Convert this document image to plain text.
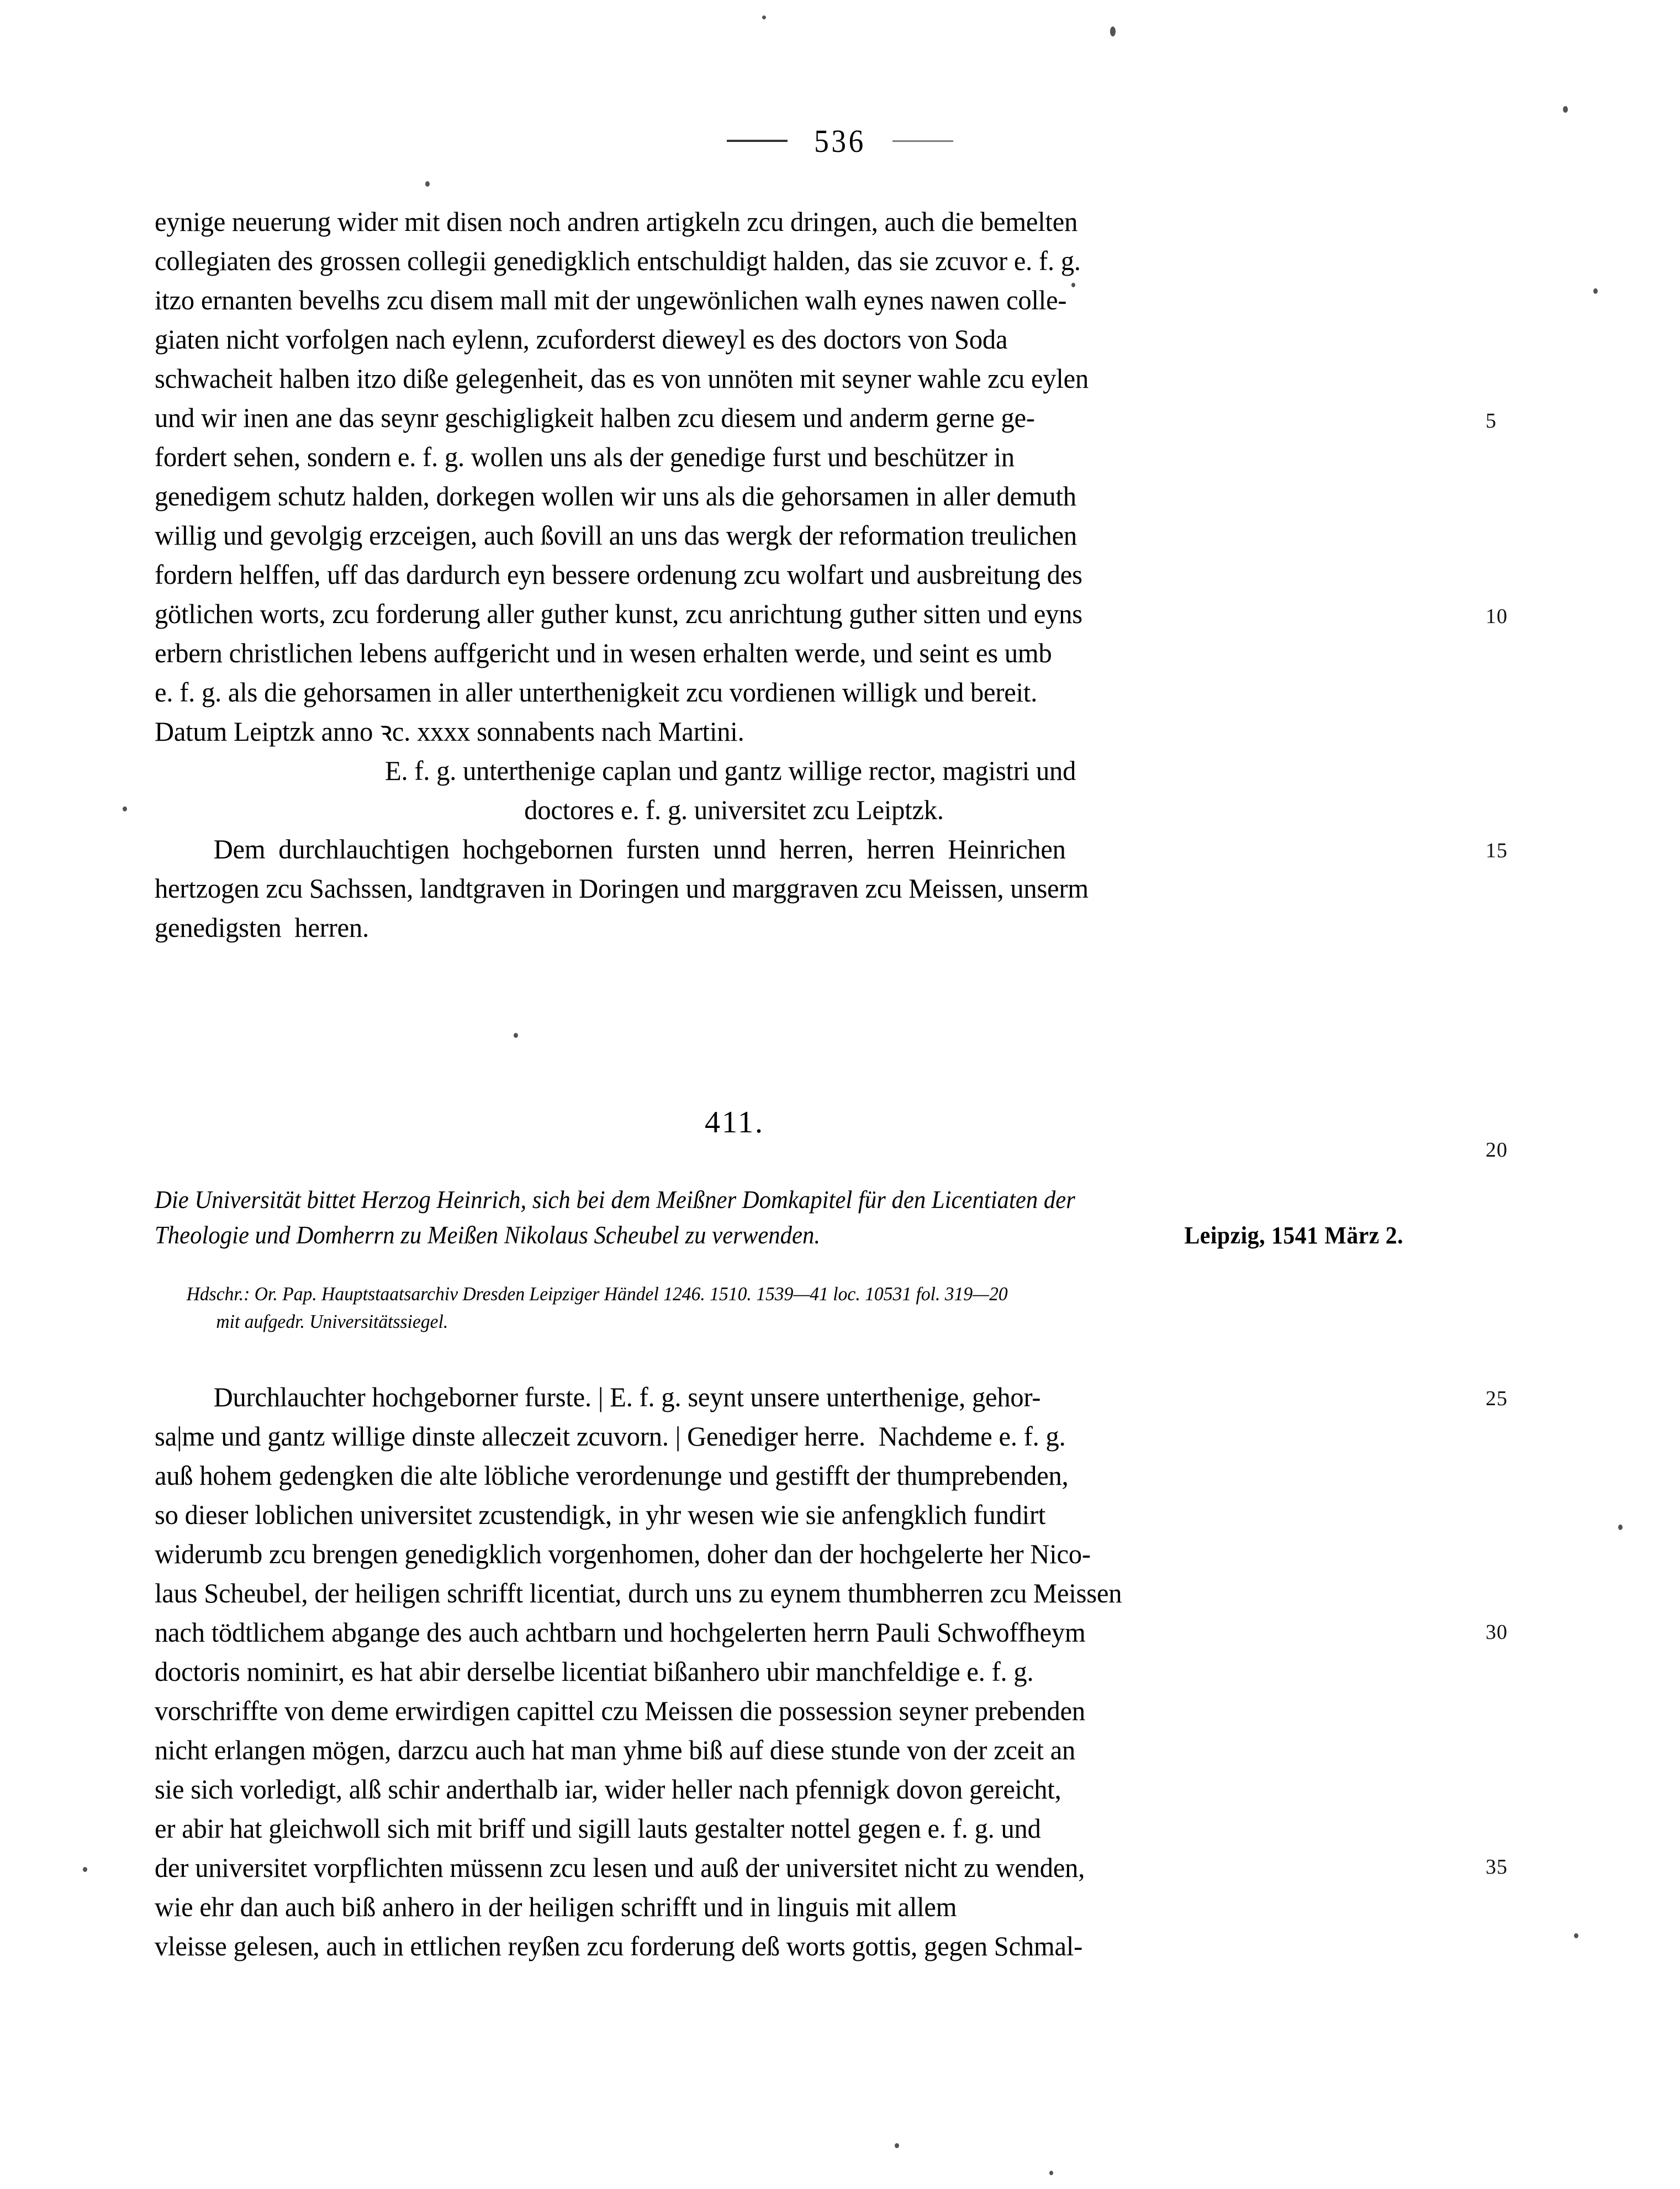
536
eynige neuerung wider mit disen noch andren artigkeln zcu dringen, auch die bemelten
collegiaten des grossen collegii genedigklich entschuldigt halden, das sie zcuvor e. f. g.
itzo ernanten bevelhs zcu disem mall mit der ungewönlichen walh eynes nawen colle-
giaten nicht vorfolgen nach eylenn, zcuforderst dieweyl es des doctors von Soda
schwacheit halben itzo diße gelegenheit, das es von unnöten mit seyner wahle zcu eylen
und wir inen ane das seynr geschigligkeit halben zcu diesem und anderm gerne ge-
fordert sehen, sondern e. f. g. wollen uns als der genedige furst und beschützer in
genedigem schutz halden, dorkegen wollen wir uns als die gehorsamen in aller demuth
willig und gevolgig erzceigen, auch ßovill an uns das wergk der reformation treulichen
fordern helffen, uff das dardurch eyn bessere ordenung zcu wolfart und ausbreitung des
götlichen worts, zcu forderung aller guther kunst, zcu anrichtung guther sitten und eyns
erbern christlichen lebens auffgericht und in wesen erhalten werde, und seint es umb
e. f. g. als die gehorsamen in aller unterthenigkeit zcu vordienen willigk und bereit.
Datum Leiptzk anno ꝛc. xxxx sonnabents nach Martini.
E. f. g. unterthenige caplan und gantz willige rector, magistri und
doctores e. f. g. universitet zcu Leiptzk.
Dem  durchlauchtigen  hochgebornen  fursten  unnd  herren,  herren  Heinrichen
hertzogen zcu Sachssen, landtgraven in Doringen und marggraven zcu Meissen, unserm
genedigsten  herren.
411.
Die Universität bittet Herzog Heinrich, sich bei dem Meißner Domkapitel für den Licentiaten der
Theologie und Domherrn zu Meißen Nikolaus Scheubel zu verwenden.	Leipzig, 1541 März 2.
Hdschr.: Or. Pap. Hauptstaatsarchiv Dresden Leipziger Händel 1246. 1510. 1539—41 loc. 10531 fol. 319—20
mit aufgedr. Universitätssiegel.
Durchlauchter hochgeborner furste. | E. f. g. seynt unsere unterthenige, gehor-
sa|me und gantz willige dinste alleczeit zcuvorn. | Genediger herre.  Nachdeme e. f. g.
auß hohem gedengken die alte löbliche verordenunge und gestifft der thumprebenden,
so dieser loblichen universitet zcustendigk, in yhr wesen wie sie anfengklich fundirt
widerumb zcu brengen genedigklich vorgenhomen, doher dan der hochgelerte her Nico-
laus Scheubel, der heiligen schrifft licentiat, durch uns zu eynem thumbherren zcu Meissen
nach tödtlichem abgange des auch achtbarn und hochgelerten herrn Pauli Schwoffheym
doctoris nominirt, es hat abir derselbe licentiat bißanhero ubir manchfeldige e. f. g.
vorschriffte von deme erwirdigen capittel czu Meissen die possession seyner prebenden
nicht erlangen mögen, darzcu auch hat man yhme biß auf diese stunde von der zceit an
sie sich vorledigt, alß schir anderthalb iar, wider heller nach pfennigk dovon gereicht,
er abir hat gleichwoll sich mit briff und sigill lauts gestalter nottel gegen e. f. g. und
der universitet vorpflichten müssenn zcu lesen und auß der universitet nicht zu wenden,
wie ehr dan auch biß anhero in der heiligen schrifft und in linguis mit allem
vleisse gelesen, auch in ettlichen reyßen zcu forderung deß worts gottis, gegen Schmal-
5
10
15
20
25
30
35
